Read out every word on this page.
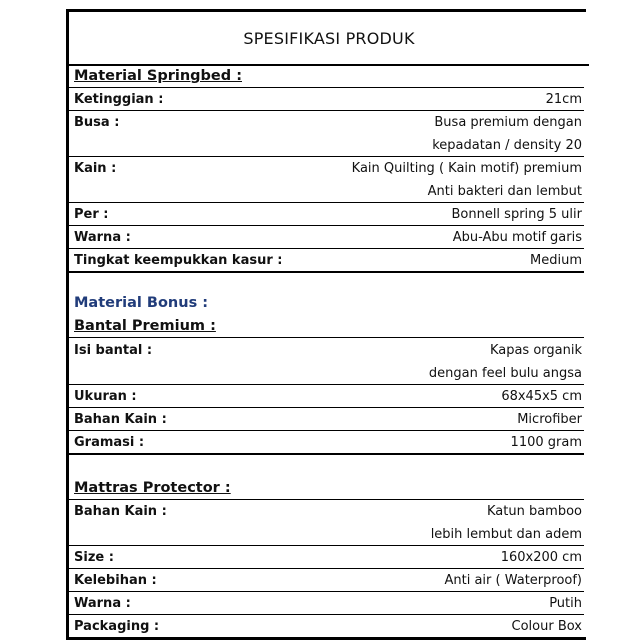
SPESIFIKASI PRODUK
Material Springbed :
Ketinggian :	21cm
Busa :	Busa premium dengan
kepadatan / density 20
Kain :	Kain Quilting ( Kain motif) premium
Anti bakteri dan lembut
Per :	Bonnell spring 5 ulir
Warna :	Abu-Abu motif garis
Tingkat keempukkan kasur :	Medium
Material Bonus :
Bantal Premium :
Isi bantal :	Kapas organik
dengan feel bulu angsa
Ukuran :	68x45x5 cm
Bahan Kain :	Microfiber
Gramasi :	1100 gram
Mattras Protector :
Bahan Kain :	Katun bamboo
lebih lembut dan adem
Size :	160x200 cm
Kelebihan :	Anti air ( Waterproof)
Warna :	Putih
Packaging :	Colour Box
